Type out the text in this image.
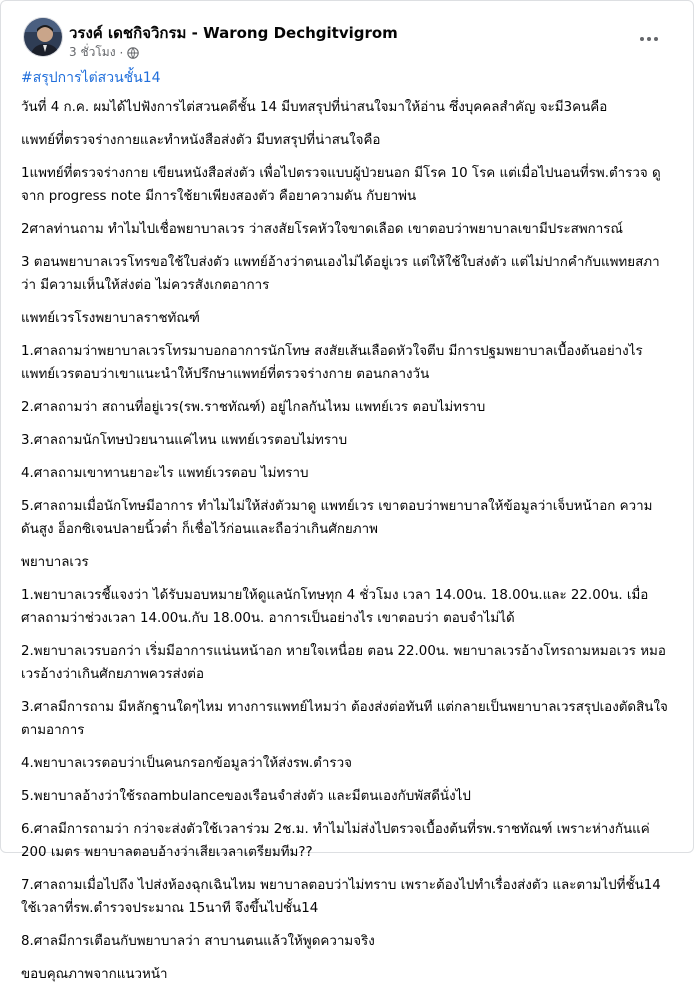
วรงค์ เดชกิจวิกรม - Warong Dechgitvigrom
3 ชั่วโมง ·

#สรุปการไต่สวนชั้น14

วันที่ 4 ก.ค. ผมได้ไปฟังการไต่สวนคดีชั้น 14 มีบทสรุปที่น่าสนใจมาให้อ่าน ซึ่งบุคคลสำคัญ จะมี3คนคือ

แพทย์ที่ตรวจร่างกายและทำหนังสือส่งตัว มีบทสรุปที่น่าสนใจคือ

1แพทย์ที่ตรวจร่างกาย เขียนหนังสือส่งตัว เพื่อไปตรวจแบบผู้ป่วยนอก มีโรค 10 โรค แต่เมื่อไปนอนที่รพ.ตำรวจ ดูจาก progress note มีการใช้ยาเพียงสองตัว คือยาความดัน กับยาพ่น

2ศาลท่านถาม ทำไมไปเชื่อพยาบาลเวร ว่าสงสัยโรคหัวใจขาดเลือด เขาตอบว่าพยาบาลเขามีประสพการณ์

3 ตอนพยาบาลเวรโทรขอใช้ใบส่งตัว แพทย์อ้างว่าตนเองไม่ได้อยู่เวร แต่ให้ใช้ใบส่งตัว แต่ไม่ปากคำกับแพทยสภาว่า มีความเห็นให้ส่งต่อ ไม่ควรสังเกตอาการ

แพทย์เวรโรงพยาบาลราชทัณฑ์

1.ศาลถามว่าพยาบาลเวรโทรมาบอกอาการนักโทษ สงสัยเส้นเลือดหัวใจตีบ มีการปฐมพยาบาลเบื้องต้นอย่างไร แพทย์เวรตอบว่าเขาแนะนำให้ปรึกษาแพทย์ที่ตรวจร่างกาย ตอนกลางวัน

2.ศาลถามว่า สถานที่อยู่เวร(รพ.ราชทัณฑ์) อยู่ไกลกันไหม แพทย์เวร ตอบไม่ทราบ

3.ศาลถามนักโทษป่วยนานแค่ไหน แพทย์เวรตอบไม่ทราบ

4.ศาลถามเขาทานยาอะไร แพทย์เวรตอบ ไม่ทราบ

5.ศาลถามเมื่อนักโทษมีอาการ ทำไมไม่ให้ส่งตัวมาดู แพทย์เวร เขาตอบว่าพยาบาลให้ข้อมูลว่าเจ็บหน้าอก ความดันสูง อ็อกซิเจนปลายนิ้วต่ำ ก็เชื่อไว้ก่อนและถือว่าเกินศักยภาพ

พยาบาลเวร

1.พยาบาลเวรชี้แจงว่า ได้รับมอบหมายให้ดูแลนักโทษทุก 4 ชั่วโมง เวลา 14.00น. 18.00น.และ 22.00น. เมื่อศาลถามว่าช่วงเวลา 14.00น.กับ 18.00น. อาการเป็นอย่างไร เขาตอบว่า ตอบจำไม่ได้

2.พยาบาลเวรบอกว่า เริ่มมีอาการแน่นหน้าอก หายใจเหนื่อย ตอน 22.00น. พยาบาลเวรอ้างโทรถามหมอเวร หมอเวรอ้างว่าเกินศักยภาพควรส่งต่อ

3.ศาลมีการถาม มีหลักฐานใดๆไหม ทางการแพทย์ไหมว่า ต้องส่งต่อทันที แต่กลายเป็นพยาบาลเวรสรุปเองตัดสินใจตามอาการ

4.พยาบาลเวรตอบว่าเป็นคนกรอกข้อมูลว่าให้ส่งรพ.ตำรวจ

5.พยาบาลอ้างว่าใช้รถambulanceของเรือนจำส่งตัว และมีตนเองกับพัสดีนั่งไป

6.ศาลมีการถามว่า กว่าจะส่งตัวใช้เวลาร่วม 2ช.ม. ทำไมไม่ส่งไปตรวจเบื้องต้นที่รพ.ราชทัณฑ์ เพราะห่างกันแค่ 200 เมตร พยาบาลตอบอ้างว่าเสียเวลาเตรียมทีม??

7.ศาลถามเมื่อไปถึง ไปส่งห้องฉุกเฉินไหม พยาบาลตอบว่าไม่ทราบ เพราะต้องไปทำเรื่องส่งตัว และตามไปที่ชั้น14 ใช้เวลาที่รพ.ตำรวจประมาณ 15นาที จึงขึ้นไปชั้น14

8.ศาลมีการเตือนกับพยาบาลว่า สาบานตนแล้วให้พูดความจริง

ขอบคุณภาพจากแนวหน้า
